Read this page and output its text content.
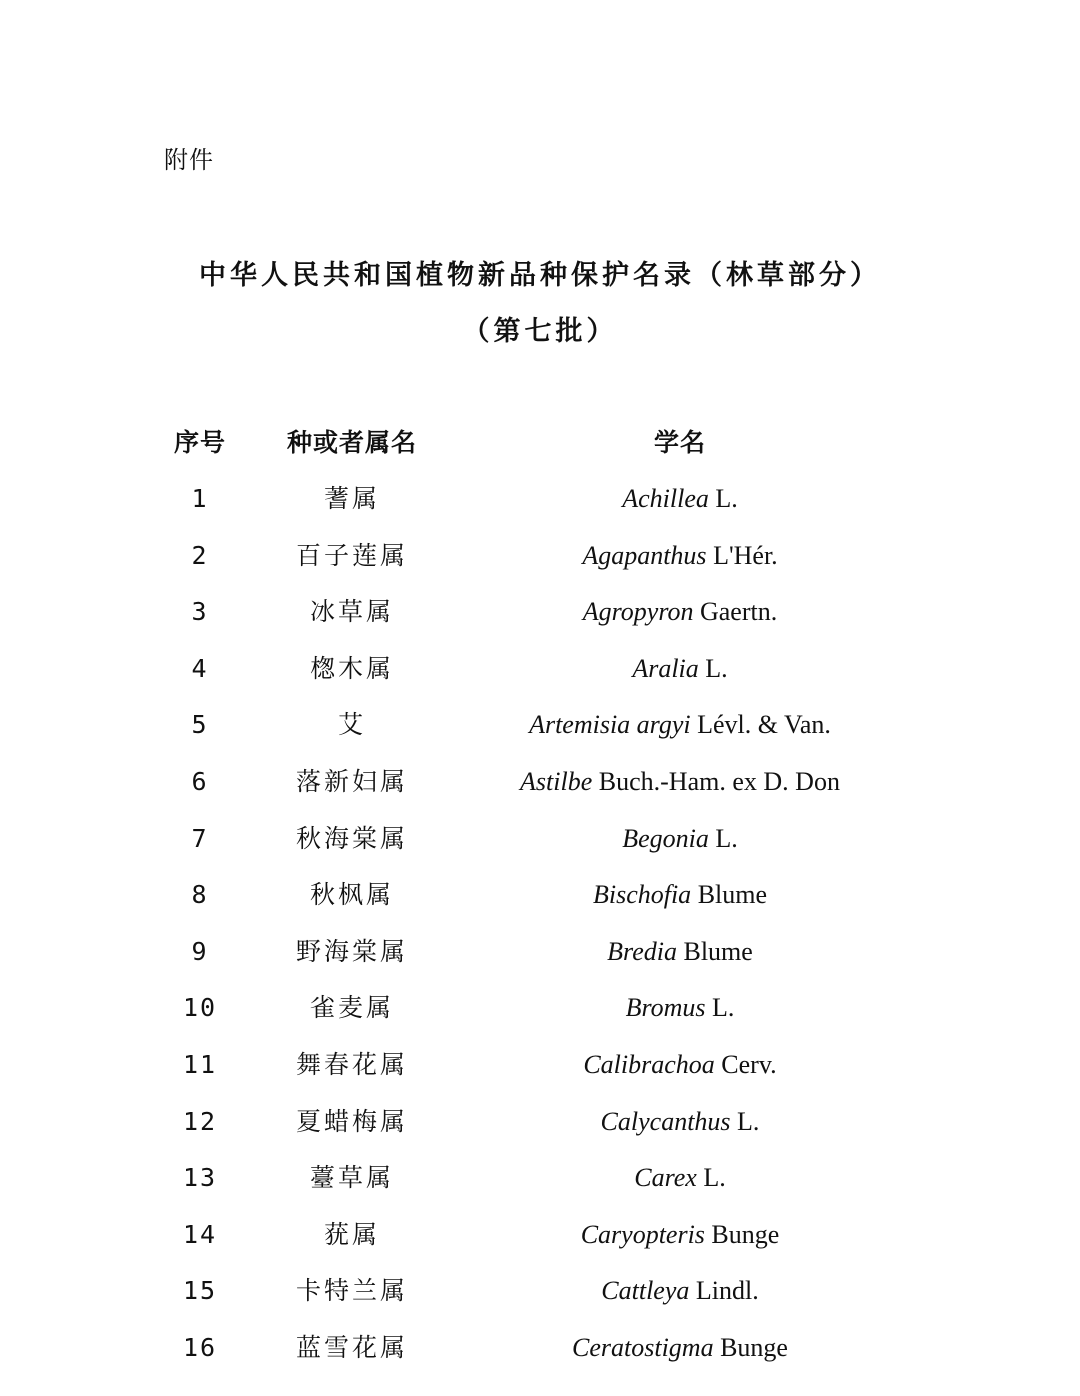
附件
中华人民共和国植物新品种保护名录（林草部分）
（第七批）
序号	种或者属名	学名
1	蓍属	Achillea L.
2	百子莲属	Agapanthus L'Hér.
3	冰草属	Agropyron Gaertn.
4	楤木属	Aralia L.
5	艾	Artemisia argyi Lévl. & Van.
6	落新妇属	Astilbe Buch.-Ham. ex D. Don
7	秋海棠属	Begonia L.
8	秋枫属	Bischofia Blume
9	野海棠属	Bredia Blume
10	雀麦属	Bromus L.
11	舞春花属	Calibrachoa Cerv.
12	夏蜡梅属	Calycanthus L.
13	薹草属	Carex L.
14	莸属	Caryopteris Bunge
15	卡特兰属	Cattleya Lindl.
16	蓝雪花属	Ceratostigma Bunge
